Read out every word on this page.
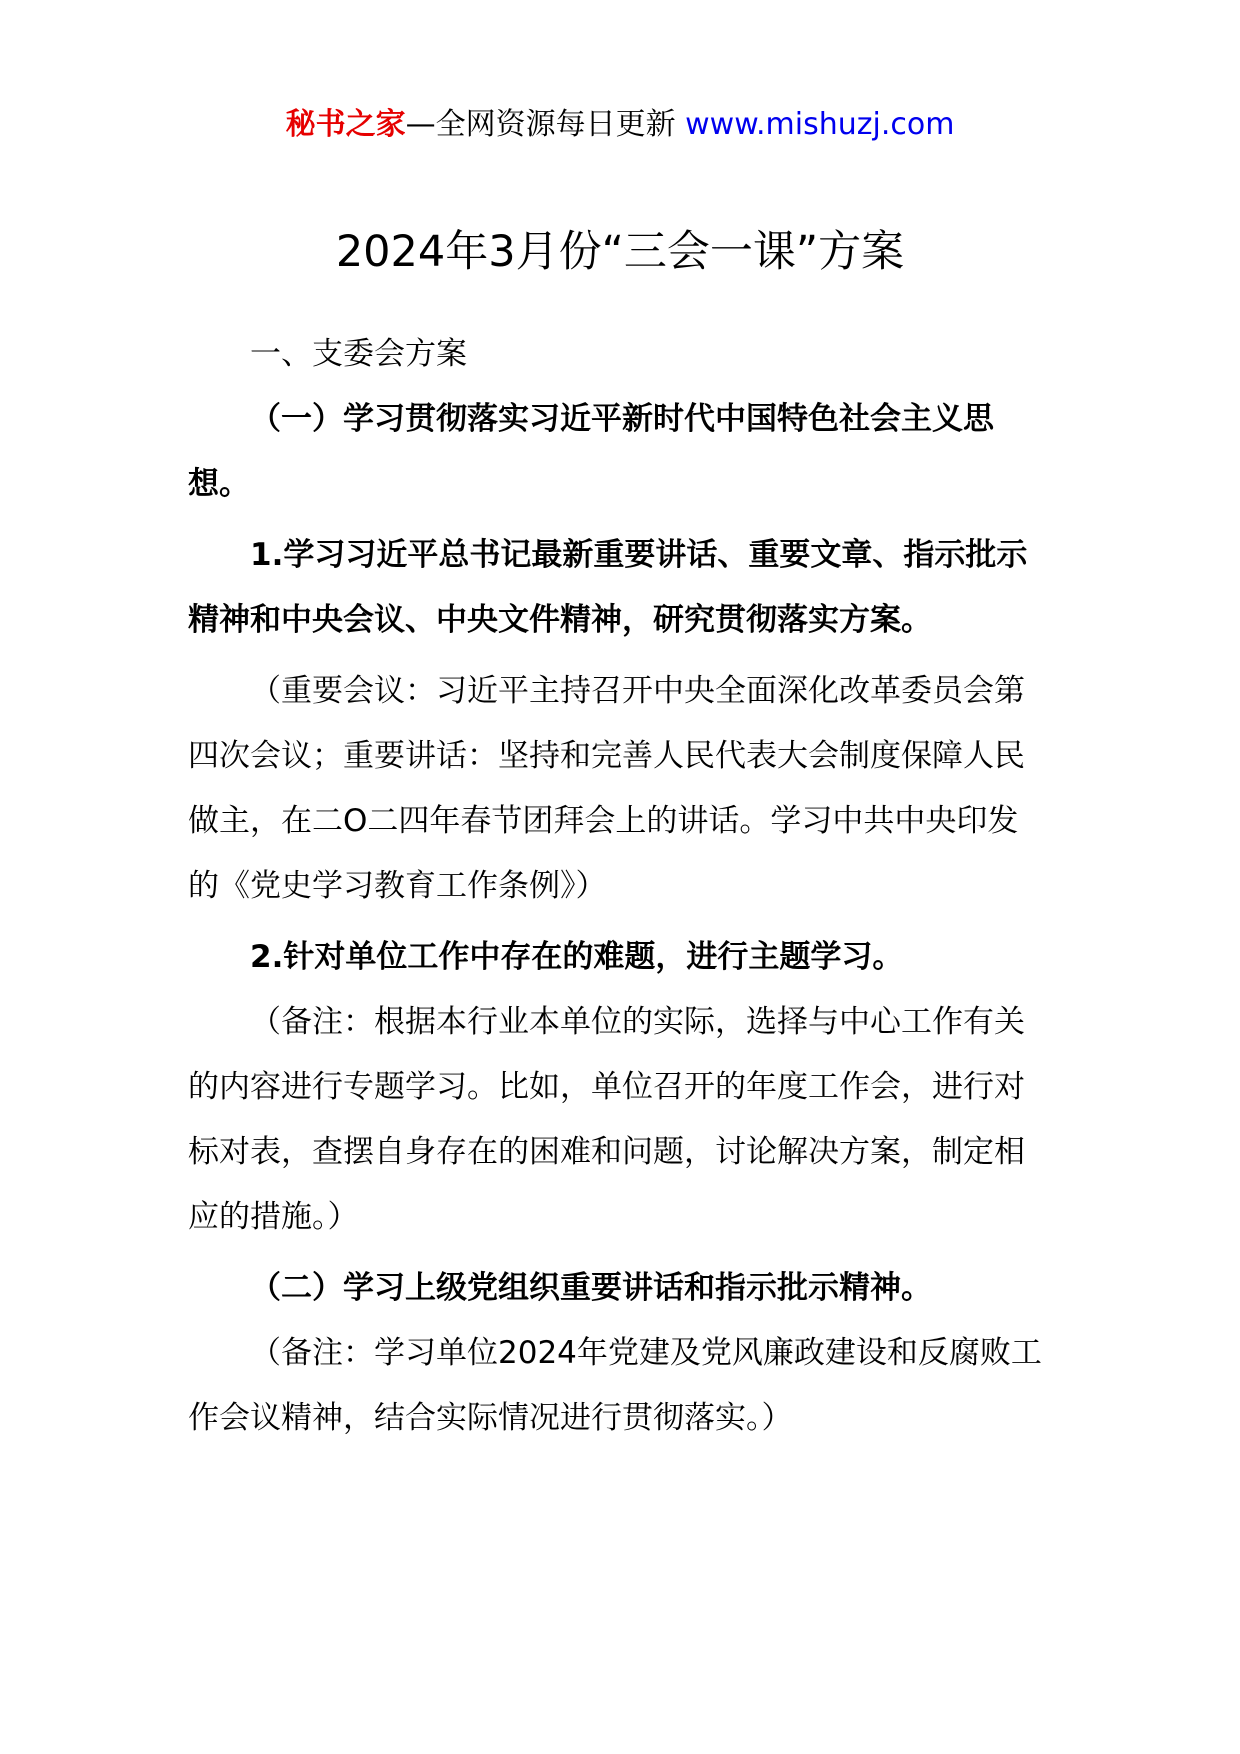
秘书之家—全网资源每日更新 www.mishuzj.com
2024年3月份“三会一课”方案

一、支委会方案

（一）学习贯彻落实习近平新时代中国特色社会主义思想。

1.学习习近平总书记最新重要讲话、重要文章、指示批示精神和中央会议、中央文件精神，研究贯彻落实方案。

（重要会议：习近平主持召开中央全面深化改革委员会第四次会议；重要讲话：坚持和完善人民代表大会制度保障人民做主，在二O二四年春节团拜会上的讲话。学习中共中央印发的《党史学习教育工作条例》）

2.针对单位工作中存在的难题，进行主题学习。

（备注：根据本行业本单位的实际，选择与中心工作有关的内容进行专题学习。比如，单位召开的年度工作会，进行对标对表，查摆自身存在的困难和问题，讨论解决方案，制定相应的措施。）

（二）学习上级党组织重要讲话和指示批示精神。

（备注：学习单位2024年党建及党风廉政建设和反腐败工作会议精神，结合实际情况进行贯彻落实。）
